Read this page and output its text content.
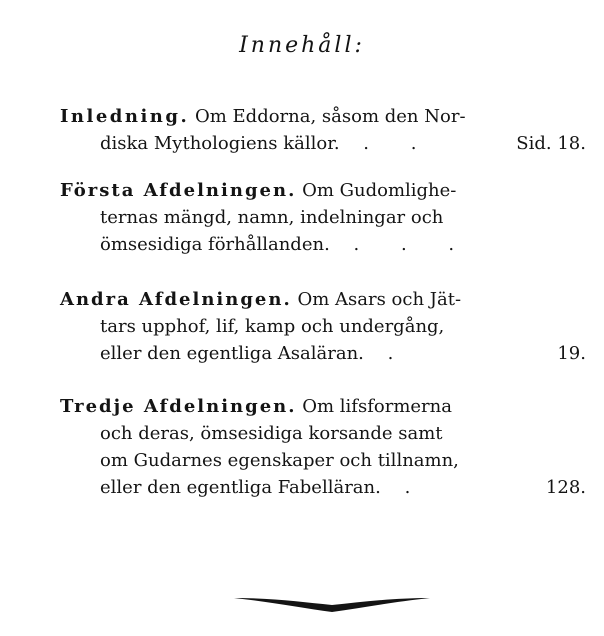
Innehåll:
Inledning. Om Eddorna, såsom den Nor-
diska Mythologiens källor. . .	Sid. 18.
Första Afdelningen. Om Gudomlighe-
ternas mängd, namn, indelningar och
ömsesidiga förhållanden. . . .
Andra Afdelningen. Om Asars och Jät-
tars upphof, lif, kamp och undergång,
eller den egentliga Asaläran. .	19.
Tredje Afdelningen. Om lifsformerna
och deras, ömsesidiga korsande samt
om Gudarnes egenskaper och tillnamn,
eller den egentliga Fabelläran. .	128.
